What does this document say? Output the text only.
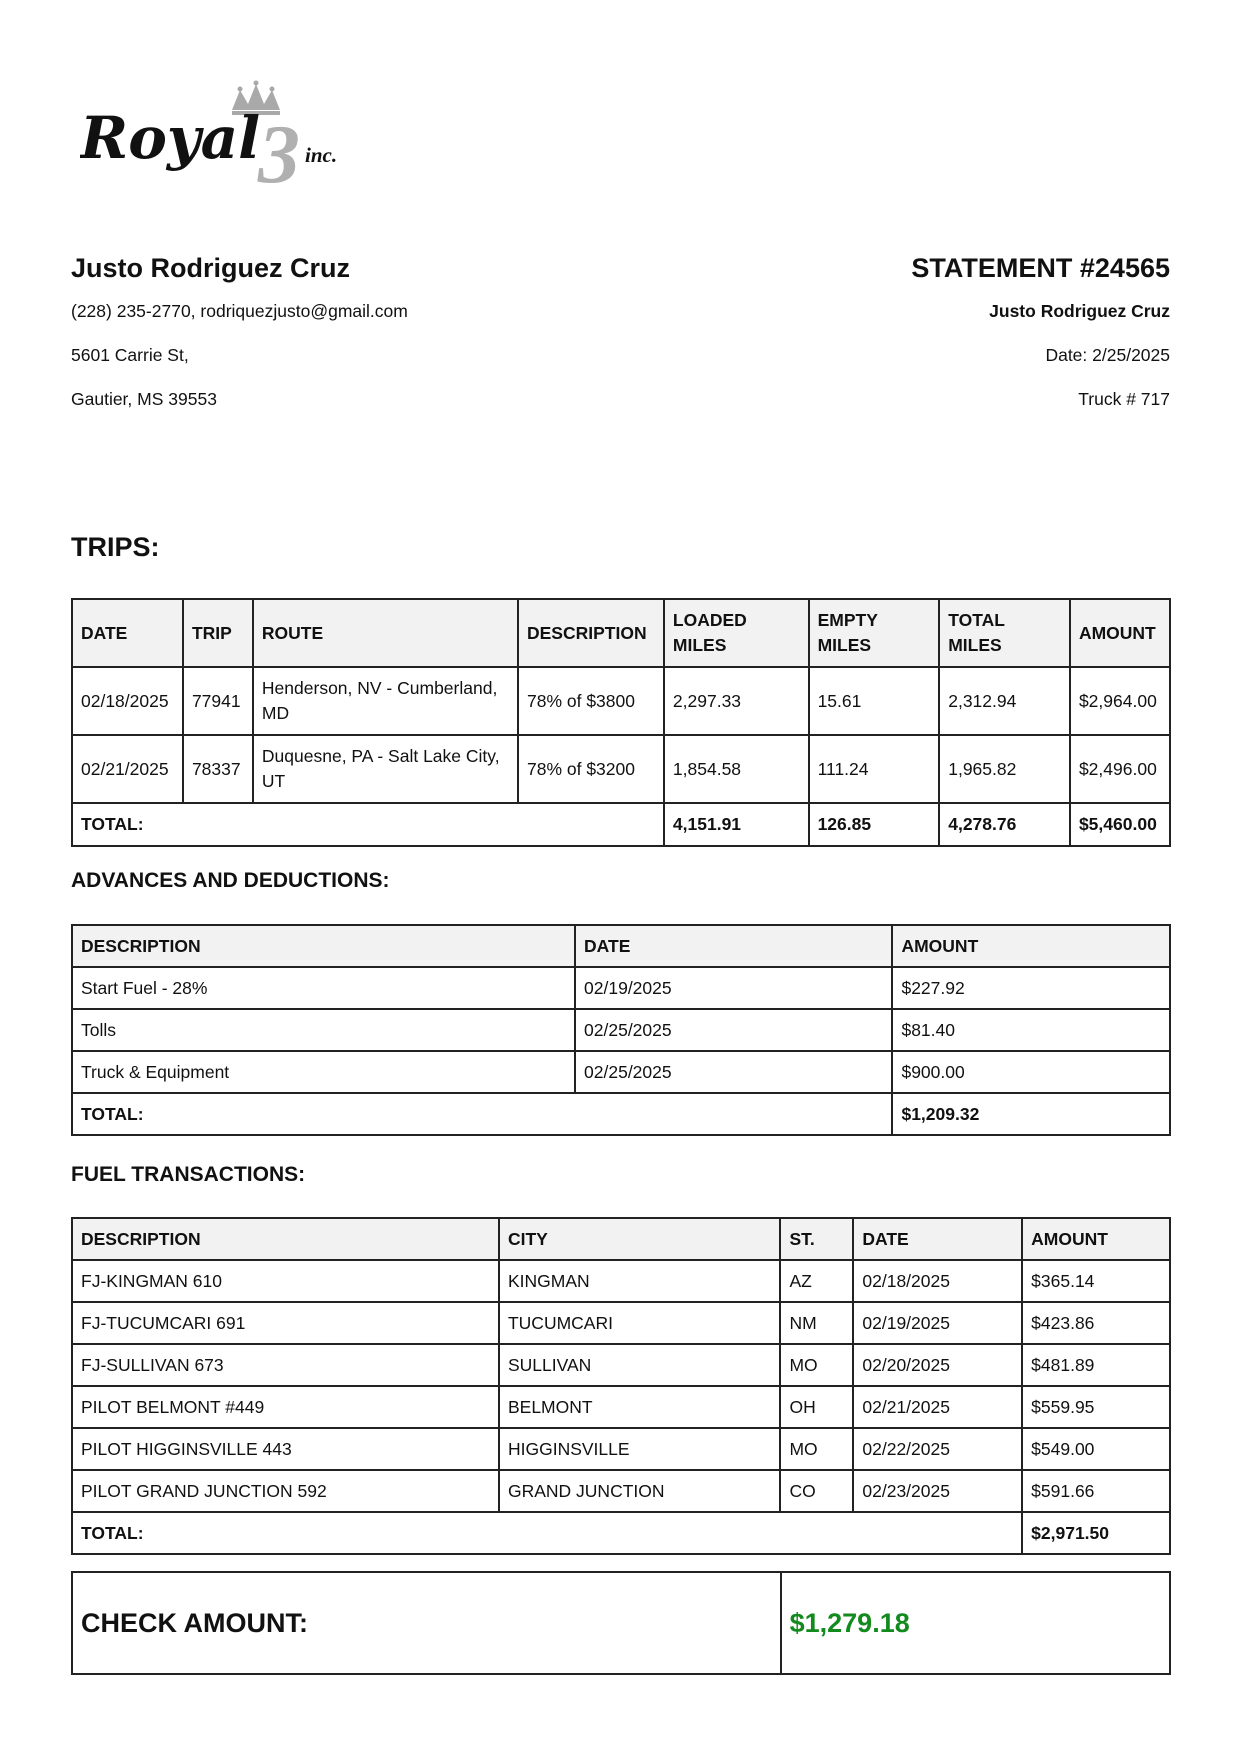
3
Royal inc.

Justo Rodriguez Cruz

(228) 235-2770, rodriquezjusto@gmail.com

5601 Carrie St,

Gautier, MS 39553

STATEMENT #24565

Justo Rodriguez Cruz

Date: 2/25/2025

Truck # 717

TRIPS:
DATE	TRIP	ROUTE	DESCRIPTION	LOADED MILES	EMPTY MILES	TOTAL MILES	AMOUNT
02/18/2025	77941	Henderson, NV - Cumberland, MD	78% of $3800	2,297.33	15.61	2,312.94	$2,964.00
02/21/2025	78337	Duquesne, PA - Salt Lake City, UT	78% of $3200	1,854.58	111.24	1,965.82	$2,496.00
TOTAL:				4,151.91	126.85	4,278.76	$5,460.00
ADVANCES AND DEDUCTIONS:
DESCRIPTION	DATE	AMOUNT
Start Fuel - 28%	02/19/2025	$227.92
Tolls	02/25/2025	$81.40
Truck & Equipment	02/25/2025	$900.00
TOTAL:		$1,209.32
FUEL TRANSACTIONS:
DESCRIPTION	CITY	ST.	DATE	AMOUNT
FJ-KINGMAN 610	KINGMAN	AZ	02/18/2025	$365.14
FJ-TUCUMCARI 691	TUCUMCARI	NM	02/19/2025	$423.86
FJ-SULLIVAN 673	SULLIVAN	MO	02/20/2025	$481.89
PILOT BELMONT #449	BELMONT	OH	02/21/2025	$559.95
PILOT HIGGINSVILLE 443	HIGGINSVILLE	MO	02/22/2025	$549.00
PILOT GRAND JUNCTION 592	GRAND JUNCTION	CO	02/23/2025	$591.66
TOTAL:				$2,971.50
CHECK AMOUNT:	$1,279.18
